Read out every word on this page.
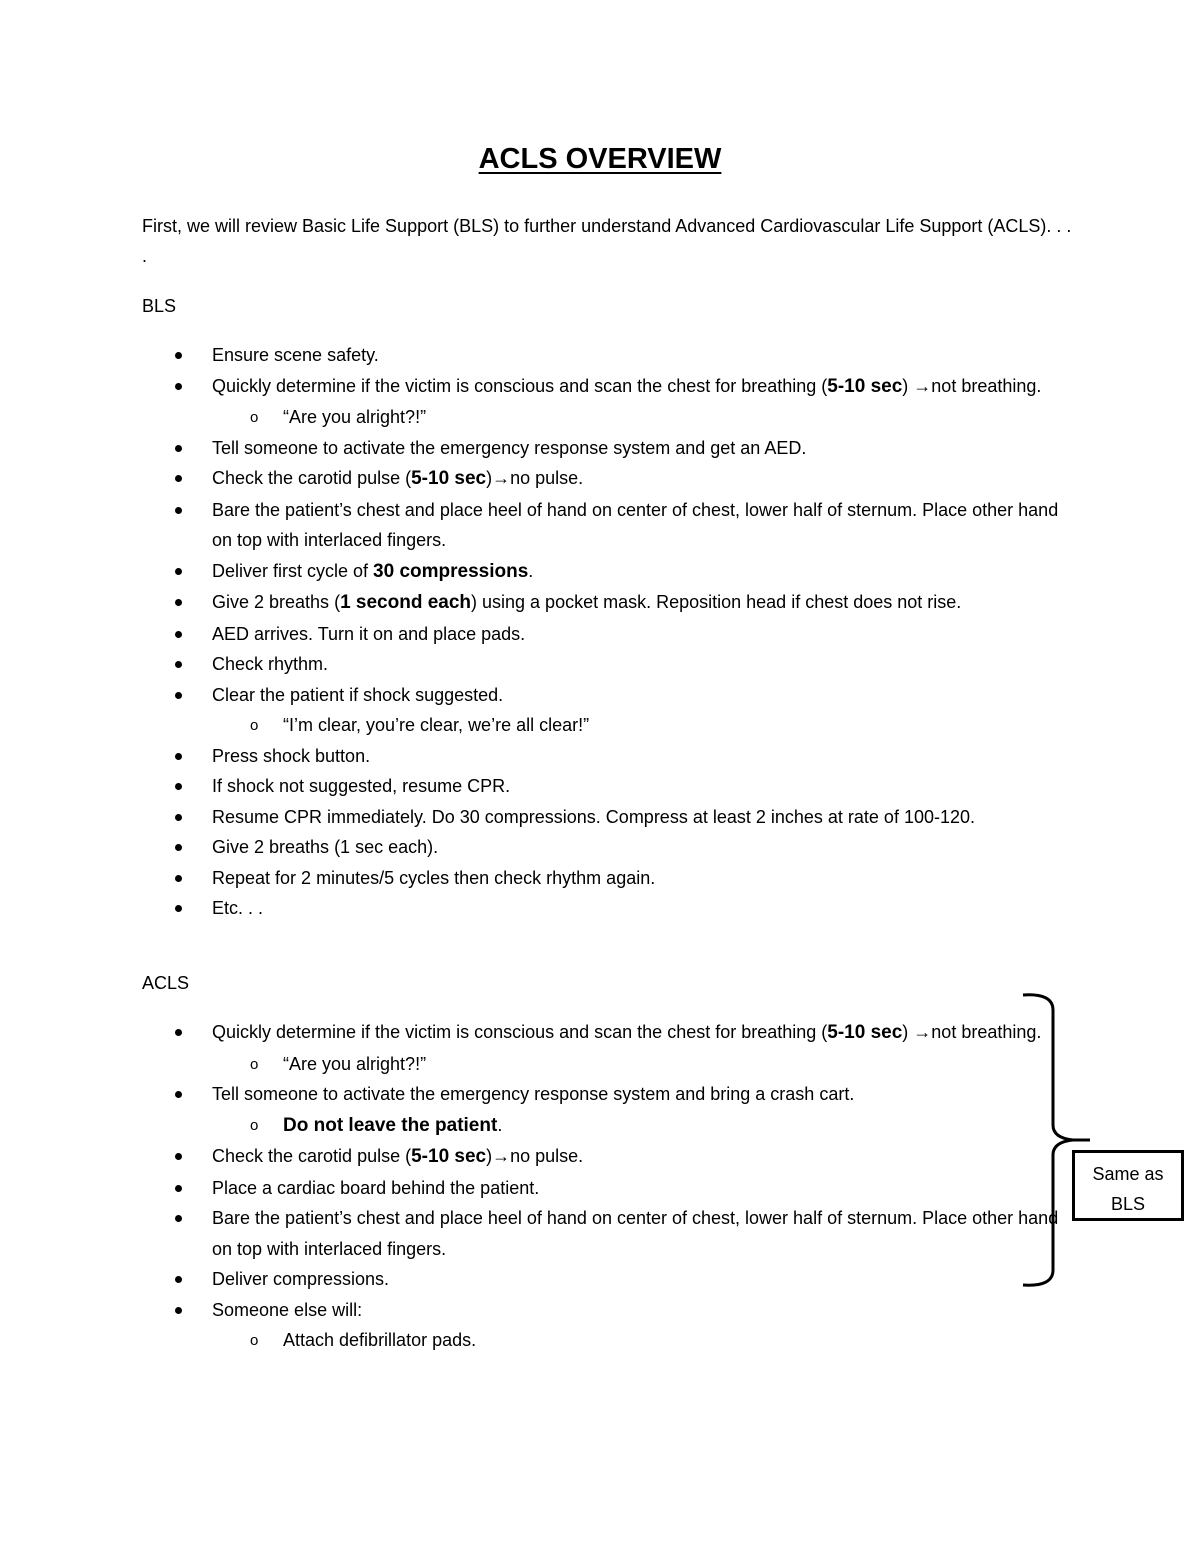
ACLS OVERVIEW

First, we will review Basic Life Support (BLS) to further understand Advanced Cardiovascular Life Support (ACLS). . . .

BLS

Ensure scene safety.
Quickly determine if the victim is conscious and scan the chest for breathing (5-10 sec) →not breathing.
o “Are you alright?!”
Tell someone to activate the emergency response system and get an AED.
Check the carotid pulse (5-10 sec)→no pulse.
Bare the patient’s chest and place heel of hand on center of chest, lower half of sternum. Place other hand on top with interlaced fingers.
Deliver first cycle of 30 compressions.
Give 2 breaths (1 second each) using a pocket mask. Reposition head if chest does not rise.
AED arrives. Turn it on and place pads.
Check rhythm.
Clear the patient if shock suggested.
o “I’m clear, you’re clear, we’re all clear!”
Press shock button.
If shock not suggested, resume CPR.
Resume CPR immediately. Do 30 compressions. Compress at least 2 inches at rate of 100-120.
Give 2 breaths (1 sec each).
Repeat for 2 minutes/5 cycles then check rhythm again.
Etc. . .

ACLS

Quickly determine if the victim is conscious and scan the chest for breathing (5-10 sec) →not breathing.
o “Are you alright?!”
Tell someone to activate the emergency response system and bring a crash cart.
o Do not leave the patient.
Check the carotid pulse (5-10 sec)→no pulse.
Place a cardiac board behind the patient.
Bare the patient’s chest and place heel of hand on center of chest, lower half of sternum. Place other hand on top with interlaced fingers.
Deliver compressions.
Someone else will:
o Attach defibrillator pads.
Same as
BLS
